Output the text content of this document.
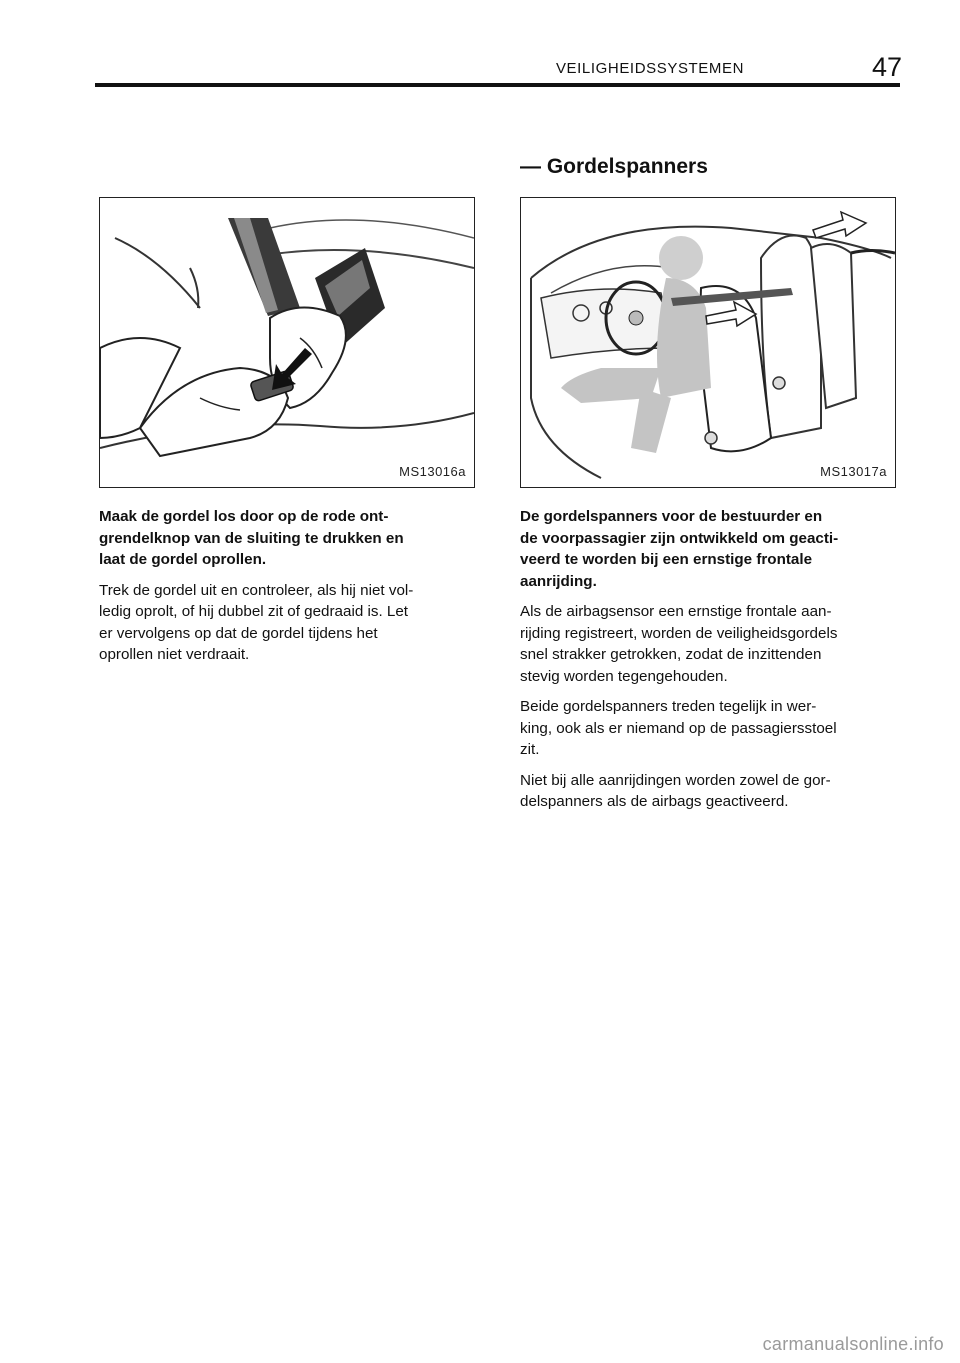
VEILIGHEIDSSYSTEMEN	47
— Gordelspanners
MS13016a	MS13017a

Maak de gordel los door op de rode ont-
grendelknop van de sluiting te drukken en
laat de gordel oprollen.

Trek de gordel uit en controleer, als hij niet vol-
ledig oprolt, of hij dubbel zit of gedraaid is. Let
er vervolgens op dat de gordel tijdens het
oprollen niet verdraait.

De gordelspanners voor de bestuurder en
de voorpassagier zijn ontwikkeld om geacti-
veerd te worden bij een ernstige frontale
aanrijding.

Als de airbagsensor een ernstige frontale aan-
rijding registreert, worden de veiligheidsgordels
snel strakker getrokken, zodat de inzittenden
stevig worden tegengehouden.

Beide gordelspanners treden tegelijk in wer-
king, ook als er niemand op de passagiersstoel
zit.

Niet bij alle aanrijdingen worden zowel de gor-
delspanners als de airbags geactiveerd.

carmanualsonline.info
